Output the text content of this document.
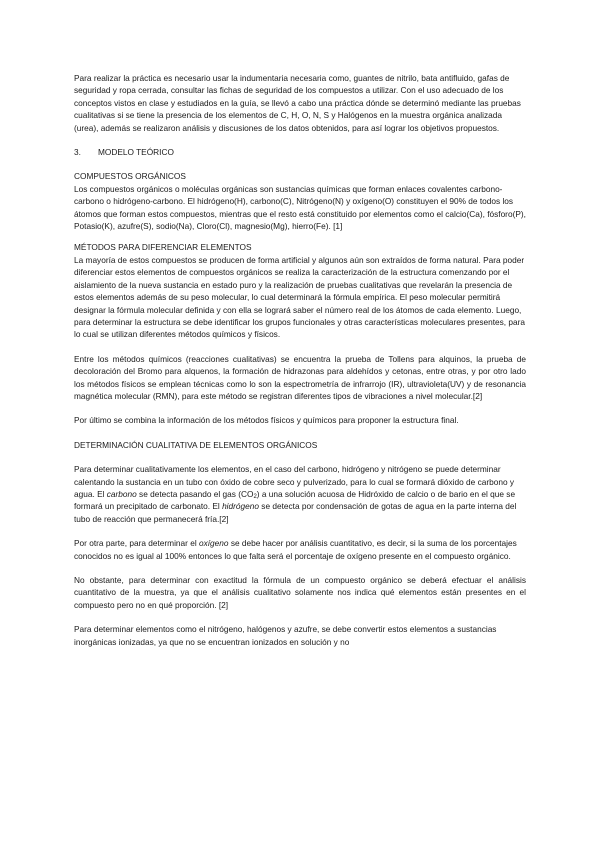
Para realizar la práctica es necesario usar la indumentaria necesaria como, guantes de nitrilo, bata antifluido, gafas de seguridad y ropa cerrada, consultar las fichas de seguridad de los compuestos a utilizar. Con el uso adecuado de los conceptos vistos en clase y estudiados en la guía, se llevó a cabo una práctica dónde se determinó mediante las pruebas cualitativas si se tiene la presencia de los elementos de C, H, O, N, S y Halógenos en la muestra orgánica analizada (urea), además se realizaron análisis y discusiones de los datos obtenidos, para así lograr los objetivos propuestos.

3. MODELO TEÓRICO

COMPUESTOS ORGÁNICOS

Los compuestos orgánicos o moléculas orgánicas son sustancias químicas que forman enlaces covalentes carbono-carbono o hidrógeno-carbono. El hidrógeno(H), carbono(C), Nitrógeno(N) y oxígeno(O) constituyen el 90% de todos los átomos que forman estos compuestos, mientras que el resto está constituido por elementos como el calcio(Ca), fósforo(P), Potasio(K), azufre(S), sodio(Na), Cloro(Cl), magnesio(Mg), hierro(Fe). [1]

MÉTODOS PARA DIFERENCIAR ELEMENTOS

La mayoría de estos compuestos se producen de forma artificial y algunos aún son extraídos de forma natural. Para poder diferenciar estos elementos de compuestos orgánicos se realiza la caracterización de la estructura comenzando por el aislamiento de la nueva sustancia en estado puro y la realización de pruebas cualitativas que revelarán la presencia de estos elementos además de su peso molecular, lo cual determinará la fórmula empírica. El peso molecular permitirá designar la fórmula molecular definida y con ella se logrará saber el número real de los átomos de cada elemento. Luego, para determinar la estructura se debe identificar los grupos funcionales y otras características moleculares presentes, para lo cual se utilizan diferentes métodos químicos y físicos.

Entre los métodos químicos (reacciones cualitativas) se encuentra la prueba de Tollens para alquinos, la prueba de decoloración del Bromo para alquenos, la formación de hidrazonas para aldehídos y cetonas, entre otras, y por otro lado los métodos físicos se emplean técnicas como lo son la espectrometría de infrarrojo (IR), ultravioleta(UV) y de resonancia magnética molecular (RMN), para este método se registran diferentes tipos de vibraciones a nivel molecular.[2]

Por último se combina la información de los métodos físicos y químicos para proponer la estructura final.

DETERMINACIÓN CUALITATIVA DE ELEMENTOS ORGÁNICOS

Para determinar cualitativamente los elementos, en el caso del carbono, hidrógeno y nitrógeno se puede determinar calentando la sustancia en un tubo con óxido de cobre seco y pulverizado, para lo cual se formará dióxido de carbono y agua. El carbono se detecta pasando el gas $(CO_2)$ a una solución acuosa de Hidróxido de calcio o de bario en el que se formará un precipitado de carbonato. El hidrógeno se detecta por condensación de gotas de agua en la parte interna del tubo de reacción que permanecerá fría.[2]

Por otra parte, para determinar el oxígeno se debe hacer por análisis cuantitativo, es decir, si la suma de los porcentajes conocidos no es igual al 100% entonces lo que falta será el porcentaje de oxígeno presente en el compuesto orgánico.

No obstante, para determinar con exactitud la fórmula de un compuesto orgánico se deberá efectuar el análisis cuantitativo de la muestra, ya que el análisis cualitativo solamente nos indica qué elementos están presentes en el compuesto pero no en qué proporción. [2]

Para determinar elementos como el nitrógeno, halógenos y azufre, se debe convertir estos elementos a sustancias inorgánicas ionizadas, ya que no se encuentran ionizados en solución y no
